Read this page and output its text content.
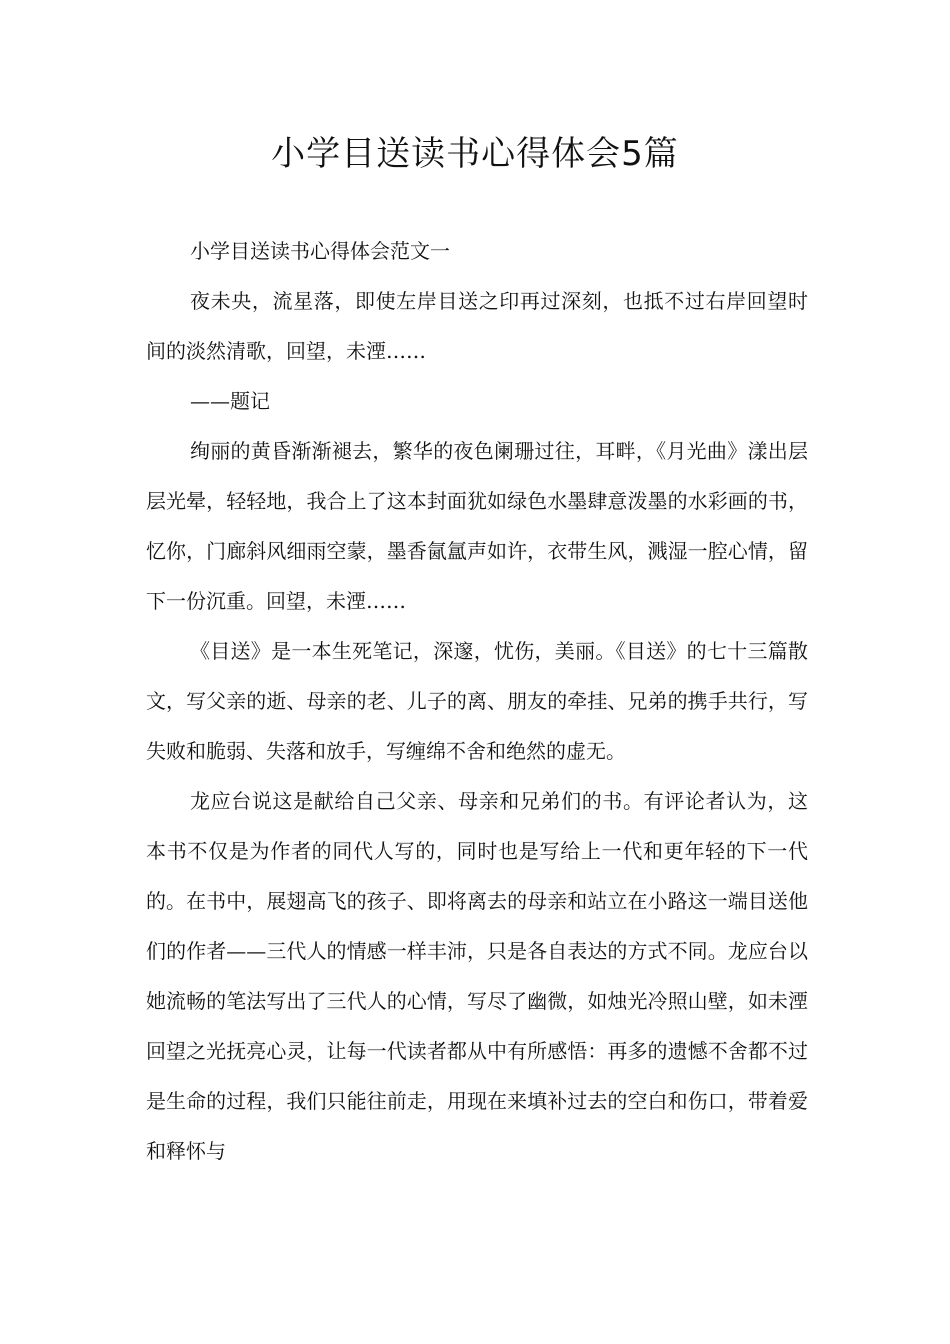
小学目送读书心得体会5篇

小学目送读书心得体会范文一

夜未央，流星落，即使左岸目送之印再过深刻，也抵不过右岸回望时间的淡然清歌，回望，未湮……

——题记

绚丽的黄昏渐渐褪去，繁华的夜色阑珊过往，耳畔，《月光曲》漾出层层光晕，轻轻地，我合上了这本封面犹如绿色水墨肆意泼墨的水彩画的书，忆你，门廊斜风细雨空蒙，墨香氤氲声如许，衣带生风，溅湿一腔心情，留下一份沉重。回望，未湮……

《目送》是一本生死笔记，深邃，忧伤，美丽。《目送》的七十三篇散文，写父亲的逝、母亲的老、儿子的离、朋友的牵挂、兄弟的携手共行，写失败和脆弱、失落和放手，写缠绵不舍和绝然的虚无。

龙应台说这是献给自己父亲、母亲和兄弟们的书。有评论者认为，这本书不仅是为作者的同代人写的，同时也是写给上一代和更年轻的下一代的。在书中，展翅高飞的孩子、即将离去的母亲和站立在小路这一端目送他们的作者——三代人的情感一样丰沛，只是各自表达的方式不同。龙应台以她流畅的笔法写出了三代人的心情，写尽了幽微，如烛光冷照山壁，如未湮回望之光抚亮心灵，让每一代读者都从中有所感悟：再多的遗憾不舍都不过是生命的过程，我们只能往前走，用现在来填补过去的空白和伤口，带着爱和释怀与
